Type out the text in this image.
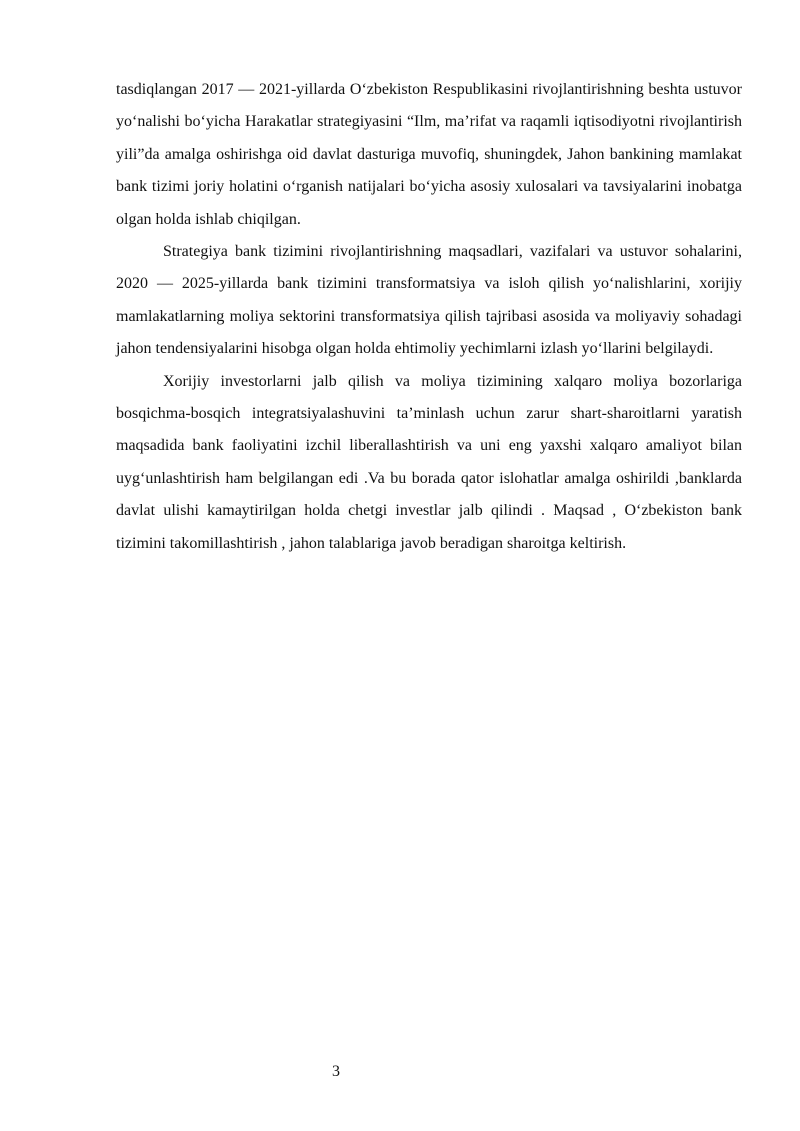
tasdiqlangan 2017 — 2021-yillarda O‘zbekiston Respublikasini rivojlantirishning beshta ustuvor yo‘nalishi bo‘yicha Harakatlar strategiyasini “Ilm, ma’rifat va raqamli iqtisodiyotni rivojlantirish yili”da amalga oshirishga oid davlat dasturiga muvofiq, shuningdek, Jahon bankining mamlakat bank tizimi joriy holatini o‘rganish natijalari bo‘yicha asosiy xulosalari va tavsiyalarini inobatga olgan holda ishlab chiqilgan.

Strategiya bank tizimini rivojlantirishning maqsadlari, vazifalari va ustuvor sohalarini, 2020 — 2025-yillarda bank tizimini transformatsiya va isloh qilish yo‘nalishlarini, xorijiy mamlakatlarning moliya sektorini transformatsiya qilish tajribasi asosida va moliyaviy sohadagi jahon tendensiyalarini hisobga olgan holda ehtimoliy yechimlarni izlash yo‘llarini belgilaydi.

Xorijiy investorlarni jalb qilish va moliya tizimining xalqaro moliya bozorlariga bosqichma-bosqich integratsiyalashuvini ta’minlash uchun zarur shart-sharoitlarni yaratish maqsadida bank faoliyatini izchil liberallashtirish va uni eng yaxshi xalqaro amaliyot bilan uyg‘unlashtirish ham belgilangan edi .Va bu borada qator islohatlar amalga oshirildi ,banklarda davlat ulishi kamaytirilgan holda chetgi investlar jalb qilindi . Maqsad , O‘zbekiston bank tizimini takomillashtirish , jahon talablariga javob beradigan sharoitga keltirish.

3
